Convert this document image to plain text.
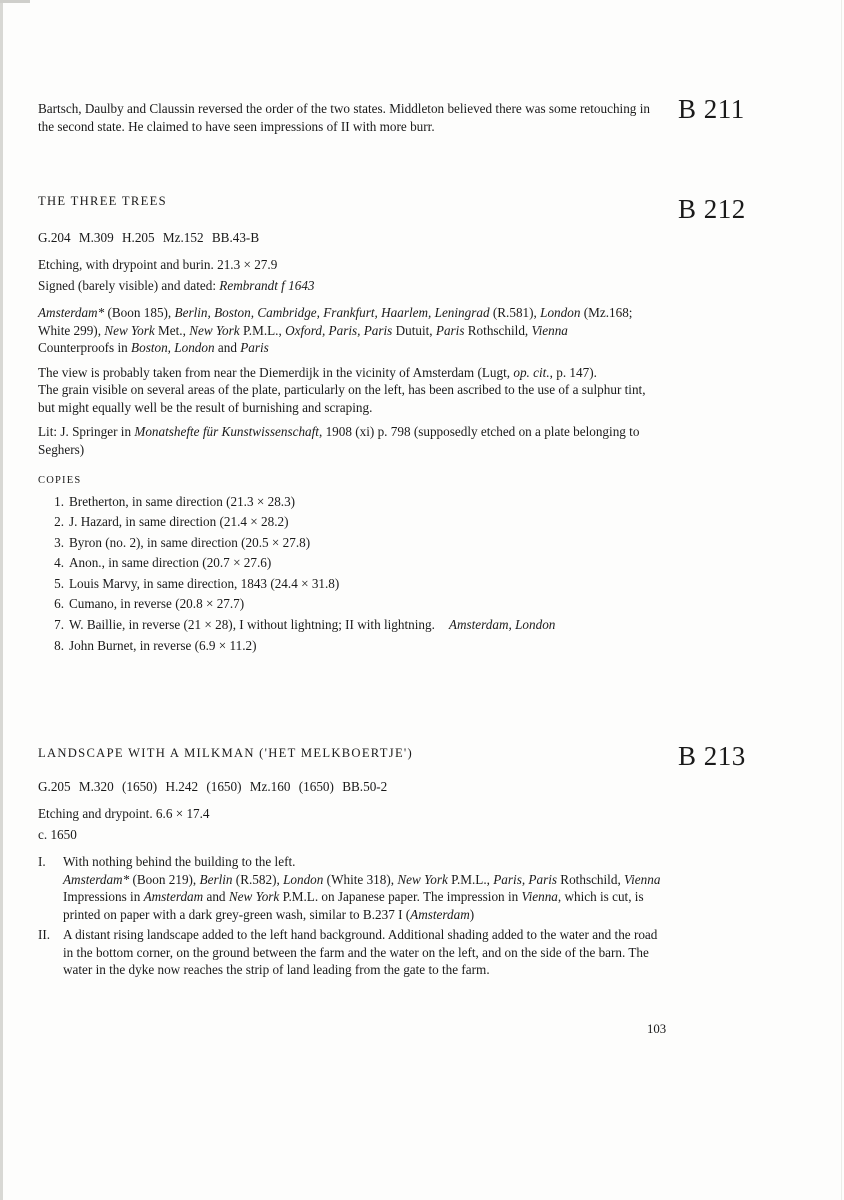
B 211

Bartsch, Daulby and Claussin reversed the order of the two states. Middleton believed there was some retouching in the second state. He claimed to have seen impressions of II with more burr.

B 212

THE THREE TREES

G.204 M.309 H.205 Mz.152 BB.43-B

Etching, with drypoint and burin. 21.3 × 27.9

Signed (barely visible) and dated: Rembrandt f 1643

Amsterdam* (Boon 185), Berlin, Boston, Cambridge, Frankfurt, Haarlem, Leningrad (R.581), London (Mz.168; White 299), New York Met., New York P.M.L., Oxford, Paris, Paris Dutuit, Paris Rothschild, Vienna

Counterproofs in Boston, London and Paris

The view is probably taken from near the Diemerdijk in the vicinity of Amsterdam (Lugt, op. cit., p. 147).

The grain visible on several areas of the plate, particularly on the left, has been ascribed to the use of a sulphur tint, but might equally well be the result of burnishing and scraping.

Lit: J. Springer in Monatshefte für Kunstwissenschaft, 1908 (xi) p. 798 (supposedly etched on a plate belonging to Seghers)

COPIES

1. Bretherton, in same direction (21.3 × 28.3)
2. J. Hazard, in same direction (21.4 × 28.2)
3. Byron (no. 2), in same direction (20.5 × 27.8)
4. Anon., in same direction (20.7 × 27.6)
5. Louis Marvy, in same direction, 1843 (24.4 × 31.8)
6. Cumano, in reverse (20.8 × 27.7)
7. W. Baillie, in reverse (21 × 28), I without lightning; II with lightning. Amsterdam, London
8. John Burnet, in reverse (6.9 × 11.2)
B 213

LANDSCAPE WITH A MILKMAN ('HET MELKBOERTJE')

G.205 M.320 (1650) H.242 (1650) Mz.160 (1650) BB.50-2

Etching and drypoint. 6.6 × 17.4

c. 1650

I.	With nothing behind the building to the left.

Amsterdam* (Boon 219), Berlin (R.582), London (White 318), New York P.M.L., Paris, Paris Rothschild, Vienna

Impressions in Amsterdam and New York P.M.L. on Japanese paper. The impression in Vienna, which is cut, is printed on paper with a dark grey-green wash, similar to B.237 I (Amsterdam)

II. A distant rising landscape added to the left hand background. Additional shading added to the water and the road in the bottom corner, on the ground between the farm and the water on the left, and on the side of the barn. The water in the dyke now reaches the strip of land leading from the gate to the farm.

103
